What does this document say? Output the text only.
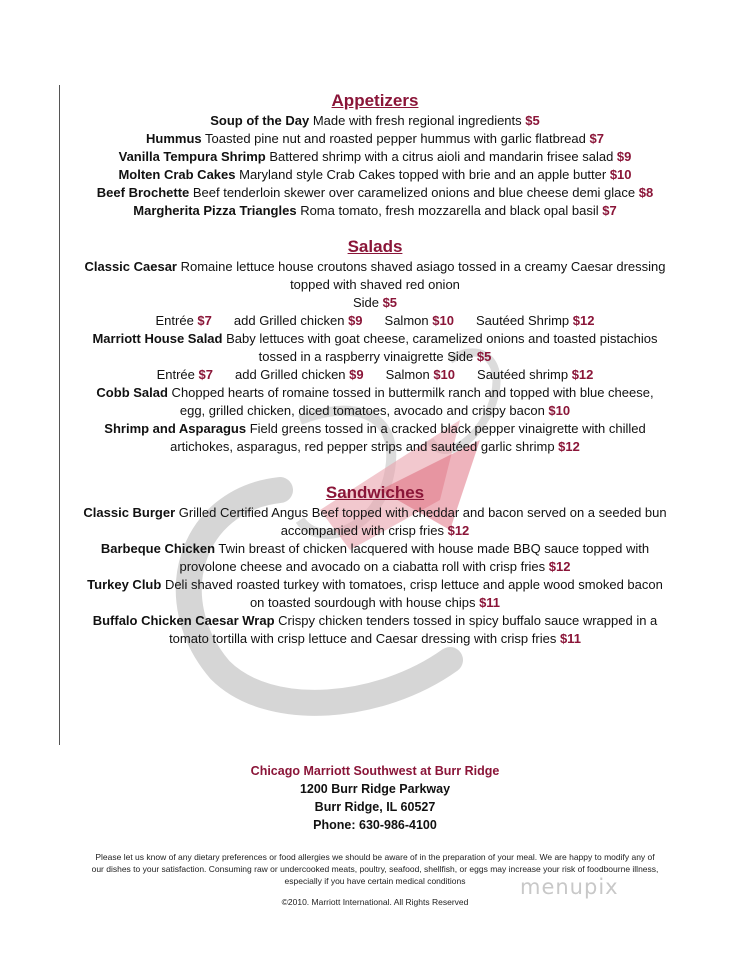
Appetizers
Soup of the Day Made with fresh regional ingredients $5
Hummus Toasted pine nut and roasted pepper hummus with garlic flatbread $7
Vanilla Tempura Shrimp Battered shrimp with a citrus aioli and mandarin frisee salad $9
Molten Crab Cakes Maryland style Crab Cakes topped with brie and an apple butter $10
Beef Brochette Beef tenderloin skewer over caramelized onions and blue cheese demi glace $8
Margherita Pizza Triangles Roma tomato, fresh mozzarella and black opal basil $7
Salads
Classic Caesar Romaine lettuce house croutons shaved asiago tossed in a creamy Caesar dressing
topped with shaved red onion
Side $5
Entrée $7 add Grilled chicken $9 Salmon $10 Sautéed Shrimp $12
Marriott House Salad Baby lettuces with goat cheese, caramelized onions and toasted pistachios
tossed in a raspberry vinaigrette Side $5
Entrée $7 add Grilled chicken $9 Salmon $10 Sautéed shrimp $12
Cobb Salad Chopped hearts of romaine tossed in buttermilk ranch and topped with blue cheese,
egg, grilled chicken, diced tomatoes, avocado and crispy bacon $10
Shrimp and Asparagus Field greens tossed in a cracked black pepper vinaigrette with chilled
artichokes, asparagus, red pepper strips and sautéed garlic shrimp $12
Sandwiches
Classic Burger Grilled Certified Angus Beef topped with cheddar and bacon served on a seeded bun
accompanied with crisp fries $12
Barbeque Chicken Twin breast of chicken lacquered with house made BBQ sauce topped with
provolone cheese and avocado on a ciabatta roll with crisp fries $12
Turkey Club Deli shaved roasted turkey with tomatoes, crisp lettuce and apple wood smoked bacon
on toasted sourdough with house chips $11
Buffalo Chicken Caesar Wrap Crispy chicken tenders tossed in spicy buffalo sauce wrapped in a
tomato tortilla with crisp lettuce and Caesar dressing with crisp fries $11
Chicago Marriott Southwest at Burr Ridge
1200 Burr Ridge Parkway
Burr Ridge, IL 60527
Phone: 630-986-4100
Please let us know of any dietary preferences or food allergies we should be aware of in the preparation of your meal. We are happy to modify any of
our dishes to your satisfaction. Consuming raw or undercooked meats, poultry, seafood, shellfish, or eggs may increase your risk of foodbourne illness,
especially if you have certain medical conditions	menupix
©2010. Marriott International. All Rights Reserved
